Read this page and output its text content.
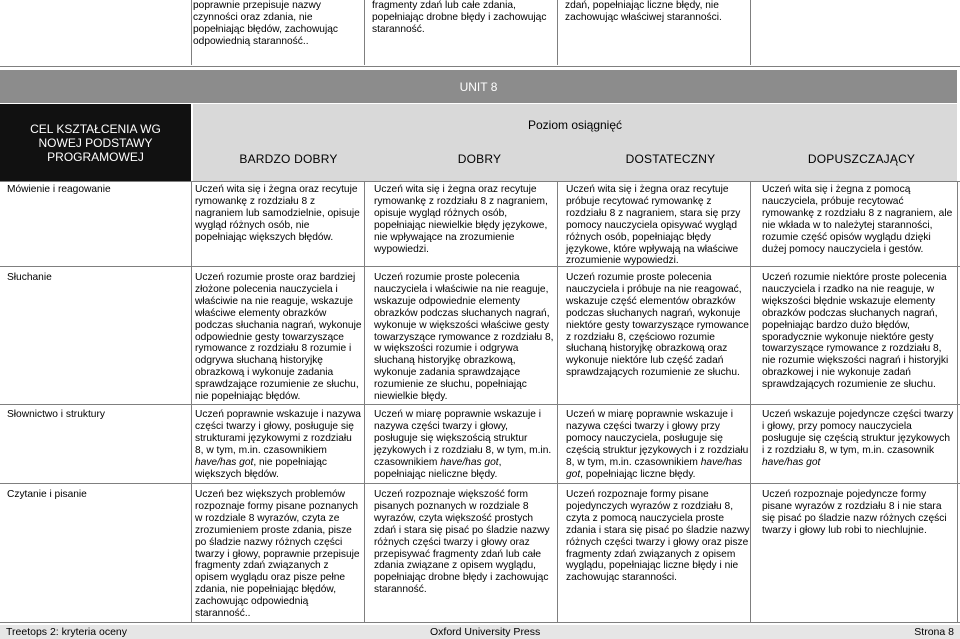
poprawnie przepisuje nazwy czynności oraz zdania, nie popełniając błędów, zachowując odpowiednią staranność..
fragmenty zdań lub całe zdania, popełniając drobne błędy i zachowując staranność.
zdań, popełniając liczne błędy, nie zachowując właściwej staranności.
UNIT 8
CEL KSZTAŁCENIA WG NOWEJ PODSTAWY PROGRAMOWEJ
Poziom osiągnięć
BARDZO DOBRY	DOBRY	DOSTATECZNY	DOPUSZCZAJĄCY
Mówienie i reagowanie	Uczeń wita się i żegna oraz recytuje rymowankę z rozdziału 8 z nagraniem lub samodzielnie, opisuje wygląd różnych osób, nie popełniając większych błędów.
Uczeń wita się i żegna oraz recytuje rymowankę z rozdziału 8 z nagraniem, opisuje wygląd różnych osób, popełniając niewielkie błędy językowe, nie wpływające na zrozumienie wypowiedzi.
Uczeń wita się i żegna oraz recytuje próbuje recytować rymowankę z rozdziału 8 z nagraniem, stara się przy pomocy nauczyciela opisywać wygląd różnych osób, popełniając błędy językowe, które wpływają na właściwe zrozumienie wypowiedzi.
Uczeń wita się i żegna z pomocą nauczyciela, próbuje recytować rymowankę z rozdziału 8 z nagraniem, ale nie wkłada w to należytej staranności, rozumie część opisów wyglądu dzięki dużej pomocy nauczyciela i gestów.
Słuchanie	Uczeń rozumie proste oraz bardziej złożone polecenia nauczyciela i właściwie na nie reaguje, wskazuje właściwe elementy obrazków podczas słuchania nagrań, wykonuje odpowiednie gesty towarzyszące rymowance z rozdziału 8 rozumie i odgrywa słuchaną historyjkę obrazkową i wykonuje zadania sprawdzające rozumienie ze słuchu, nie popełniając błędów.
Uczeń rozumie proste polecenia nauczyciela i właściwie na nie reaguje, wskazuje odpowiednie elementy obrazków podczas słuchanych nagrań, wykonuje w większości właściwe gesty towarzyszące rymowance z rozdziału 8, w większości rozumie i odgrywa słuchaną historyjkę obrazkową, wykonuje zadania sprawdzające rozumienie ze słuchu, popełniając niewielkie błędy.
Uczeń rozumie proste polecenia nauczyciela i próbuje na nie reagować, wskazuje część elementów obrazków podczas słuchanych nagrań, wykonuje niektóre gesty towarzyszące rymowance z rozdziału 8, częściowo rozumie słuchaną historyjkę obrazkową oraz wykonuje niektóre lub część zadań sprawdzających rozumienie ze słuchu.
Uczeń rozumie niektóre proste polecenia nauczyciela i rzadko na nie reaguje, w większości błędnie wskazuje elementy obrazków podczas słuchanych nagrań, popełniając bardzo dużo błędów, sporadycznie wykonuje niektóre gesty towarzyszące rymowance z rozdziału 8, nie rozumie większości nagrań i historyjki obrazkowej i nie wykonuje zadań sprawdzających rozumienie ze słuchu.
Słownictwo i struktury	Uczeń poprawnie wskazuje i nazywa części twarzy i głowy, posługuje się strukturami językowymi z rozdziału 8, w tym, m.in. czasownikiem have/has got, nie popełniając większych błędów.
Uczeń w miarę poprawnie wskazuje i nazywa części twarzy i głowy, posługuje się większością struktur językowych i z rozdziału 8, w tym, m.in. czasownikiem have/has got, popełniając nieliczne błędy.
Uczeń w miarę poprawnie wskazuje i nazywa części twarzy i głowy przy pomocy nauczyciela, posługuje się częścią struktur językowych i z rozdziału 8, w tym, m.in. czasownikiem have/has got, popełniając liczne błędy.
Uczeń wskazuje pojedyncze części twarzy i głowy, przy pomocy nauczyciela posługuje się częścią struktur językowych i z rozdziału 8, w tym, m.in. czasownik have/has got
Czytanie i pisanie	Uczeń bez większych problemów rozpoznaje formy pisane poznanych w rozdziale 8 wyrazów, czyta ze zrozumieniem proste zdania, pisze po śladzie nazwy różnych części twarzy i głowy, poprawnie przepisuje fragmenty zdań związanych z opisem wyglądu oraz pisze pełne zdania, nie popełniając błędów, zachowując odpowiednią staranność..
Uczeń rozpoznaje większość form pisanych poznanych w rozdziale 8 wyrazów, czyta większość prostych zdań i stara się pisać po śladzie nazwy różnych części twarzy i głowy oraz przepisywać fragmenty zdań lub całe zdania związane z opisem wyglądu, popełniając drobne błędy i zachowując staranność.
Uczeń rozpoznaje formy pisane pojedynczych wyrazów z rozdziału 8, czyta z pomocą nauczyciela proste zdania i stara się pisać po śladzie nazwy różnych części twarzy i głowy oraz pisze fragmenty zdań związanych z opisem wyglądu, popełniając liczne błędy i nie zachowując staranności.
Uczeń rozpoznaje pojedyncze formy pisane wyrazów z rozdziału 8 i nie stara się pisać po śladzie nazw różnych części twarzy i głowy lub robi to niechlujnie.
Treetops 2: kryteria oceny	Oxford University Press	Strona 8
